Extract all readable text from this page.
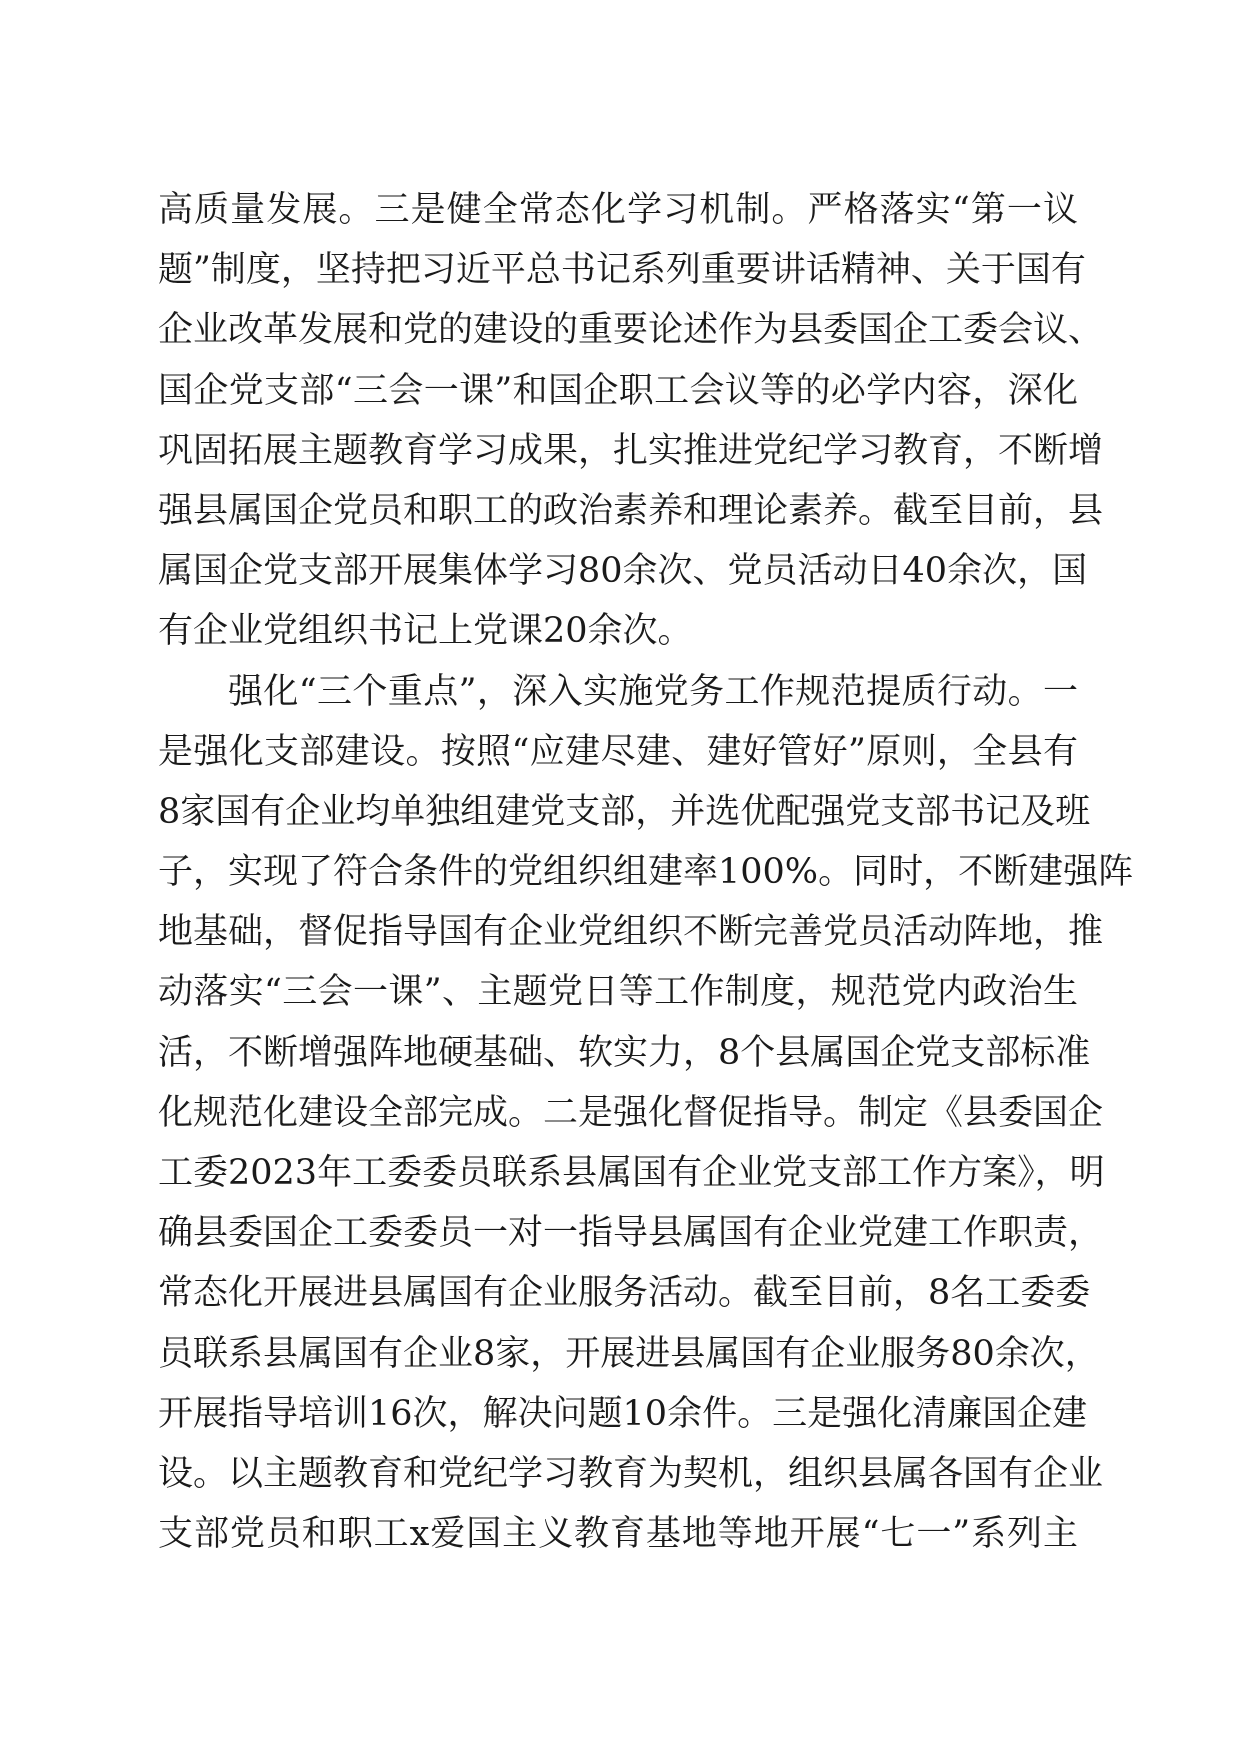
高质量发展。三是健全常态化学习机制。严格落实“第一议
题”制度，坚持把习近平总书记系列重要讲话精神、关于国有
企业改革发展和党的建设的重要论述作为县委国企工委会议、
国企党支部“三会一课”和国企职工会议等的必学内容，深化
巩固拓展主题教育学习成果，扎实推进党纪学习教育，不断增
强县属国企党员和职工的政治素养和理论素养。截至目前，县
属国企党支部开展集体学习80余次、党员活动日40余次，国
有企业党组织书记上党课20余次。
强化“三个重点”，深入实施党务工作规范提质行动。一
是强化支部建设。按照“应建尽建、建好管好”原则，全县有
8家国有企业均单独组建党支部，并选优配强党支部书记及班
子，实现了符合条件的党组织组建率100%。同时，不断建强阵
地基础，督促指导国有企业党组织不断完善党员活动阵地，推
动落实“三会一课”、主题党日等工作制度，规范党内政治生
活，不断增强阵地硬基础、软实力，8个县属国企党支部标准
化规范化建设全部完成。二是强化督促指导。制定《县委国企
工委2023年工委委员联系县属国有企业党支部工作方案》，明
确县委国企工委委员一对一指导县属国有企业党建工作职责，
常态化开展进县属国有企业服务活动。截至目前，8名工委委
员联系县属国有企业8家，开展进县属国有企业服务80余次，
开展指导培训16次，解决问题10余件。三是强化清廉国企建
设。以主题教育和党纪学习教育为契机，组织县属各国有企业
支部党员和职工x爱国主义教育基地等地开展“七一”系列主
